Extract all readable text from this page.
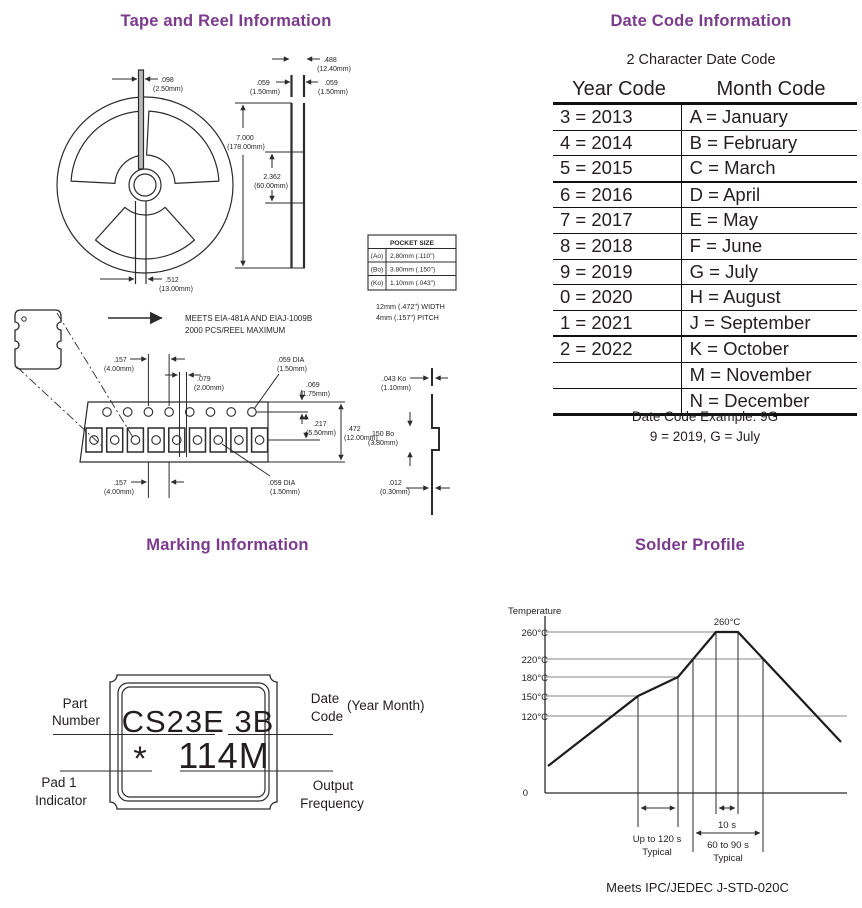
Tape and Reel Information	Date Code Information
Marking Information	Solder Profile
.098
(2.50mm)
.512
(13.00mm)
.488
(12.40mm)
.059
(1.50mm)
.059
(1.50mm)
7.000
(178.00mm)
2.362
(60.00mm)
POCKET SIZE
(Ao) 2.80mm (.110")
(Bo) 3.80mm (.150")
(Ko) 1.10mm (.043")
MEETS EIA-481A AND EIAJ-1009B
2000 PCS/REEL MAXIMUM
12mm (.472") WIDTH
4mm (.157") PITCH
.157
(4.00mm)
.079
(2.00mm)
.059 DIA
(1.50mm)
.069
(1.75mm)
.217
(5.50mm)
.472
(12.00mm)
.157
(4.00mm)
.059 DIA
(1.50mm)
.043 Ko
(1.10mm)
.150 Bo
(3.80mm)
.012
(0.30mm)
2 Character Date Code
Year Code	Month Code
3 = 2013	A = January
4 = 2014	B = February
5 = 2015	C = March
6 = 2016	D = April
7 = 2017	E = May
8 = 2018	F = June
9 = 2019	G = July
0 = 2020	H = August
1 = 2021	J = September
2 = 2022	K = October
M = November
N = December
Date Code Example: 9G
9 = 2019, G = July
CS23E 3B
* 114M
Part
Number
Date
Code
(Year Month)
Pad 1
Indicator
Output
Frequency
Temperature
260°C
220°C
180°C
150°C
120°C
0
260°C
Up to 120 s
Typical
10 s
60 to 90 s
Typical
Meets IPC/JEDEC J-STD-020C
